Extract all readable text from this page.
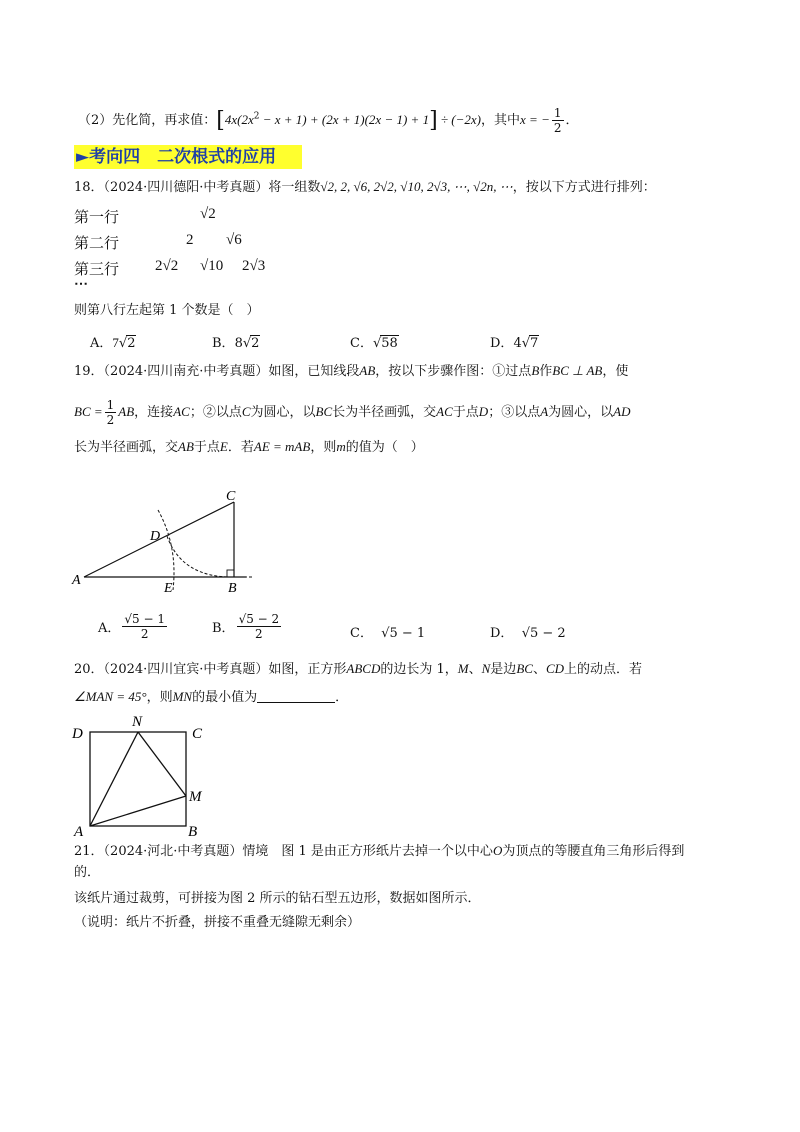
（2）先化简，再求值：$[4x(2x^2 - x + 1) + (2x + 1)(2x - 1) + 1] \div (-2x)$，其中x = − $\frac{1}{2}$ ．
►考向四　二次根式的应用
18．（2024·四川德阳·中考真题）将一组数√2, 2, √6, 2√2, √10, 2√3, ⋯, √2n, ⋯，按以下方式进行排列：
第一行	√2
第二行	2 √6
第三行 2√2 √10 2√3
⋯
则第八行左起第 1 个数是（　）
A．7√2	B．8√2	C．√58	D．4√7
19．（2024·四川南充·中考真题）如图，已知线段AB，按以下步骤作图：①过点B作BC ⊥ AB，使
BC = $\frac{1}{2}$ AB，连接AC；②以点C为圆心，以BC长为半径画弧，交AC于点D；③以点A为圆心，以AD
长为半径画弧，交AB于点E．若AE = mAB，则m的值为（　）
A
B
C
D
E
A． $\frac{√5 - 1}{2}$	B． $\frac{√5 - 2}{2}$	C． √5 − 1	D． √5 − 2
20．（2024·四川宜宾·中考真题）如图，正方形ABCD的边长为 1，M、N是边BC、CD上的动点．若
∠MAN = 45°，则MN的最小值为	．
D	C
N
M
A	B
21．（2024·河北·中考真题）情境　图 1 是由正方形纸片去掉一个以中心O为顶点的等腰直角三角形后得到
的．
该纸片通过裁剪，可拼接为图 2 所示的钻石型五边形，数据如图所示．
（说明：纸片不折叠，拼接不重叠无缝隙无剩余）
